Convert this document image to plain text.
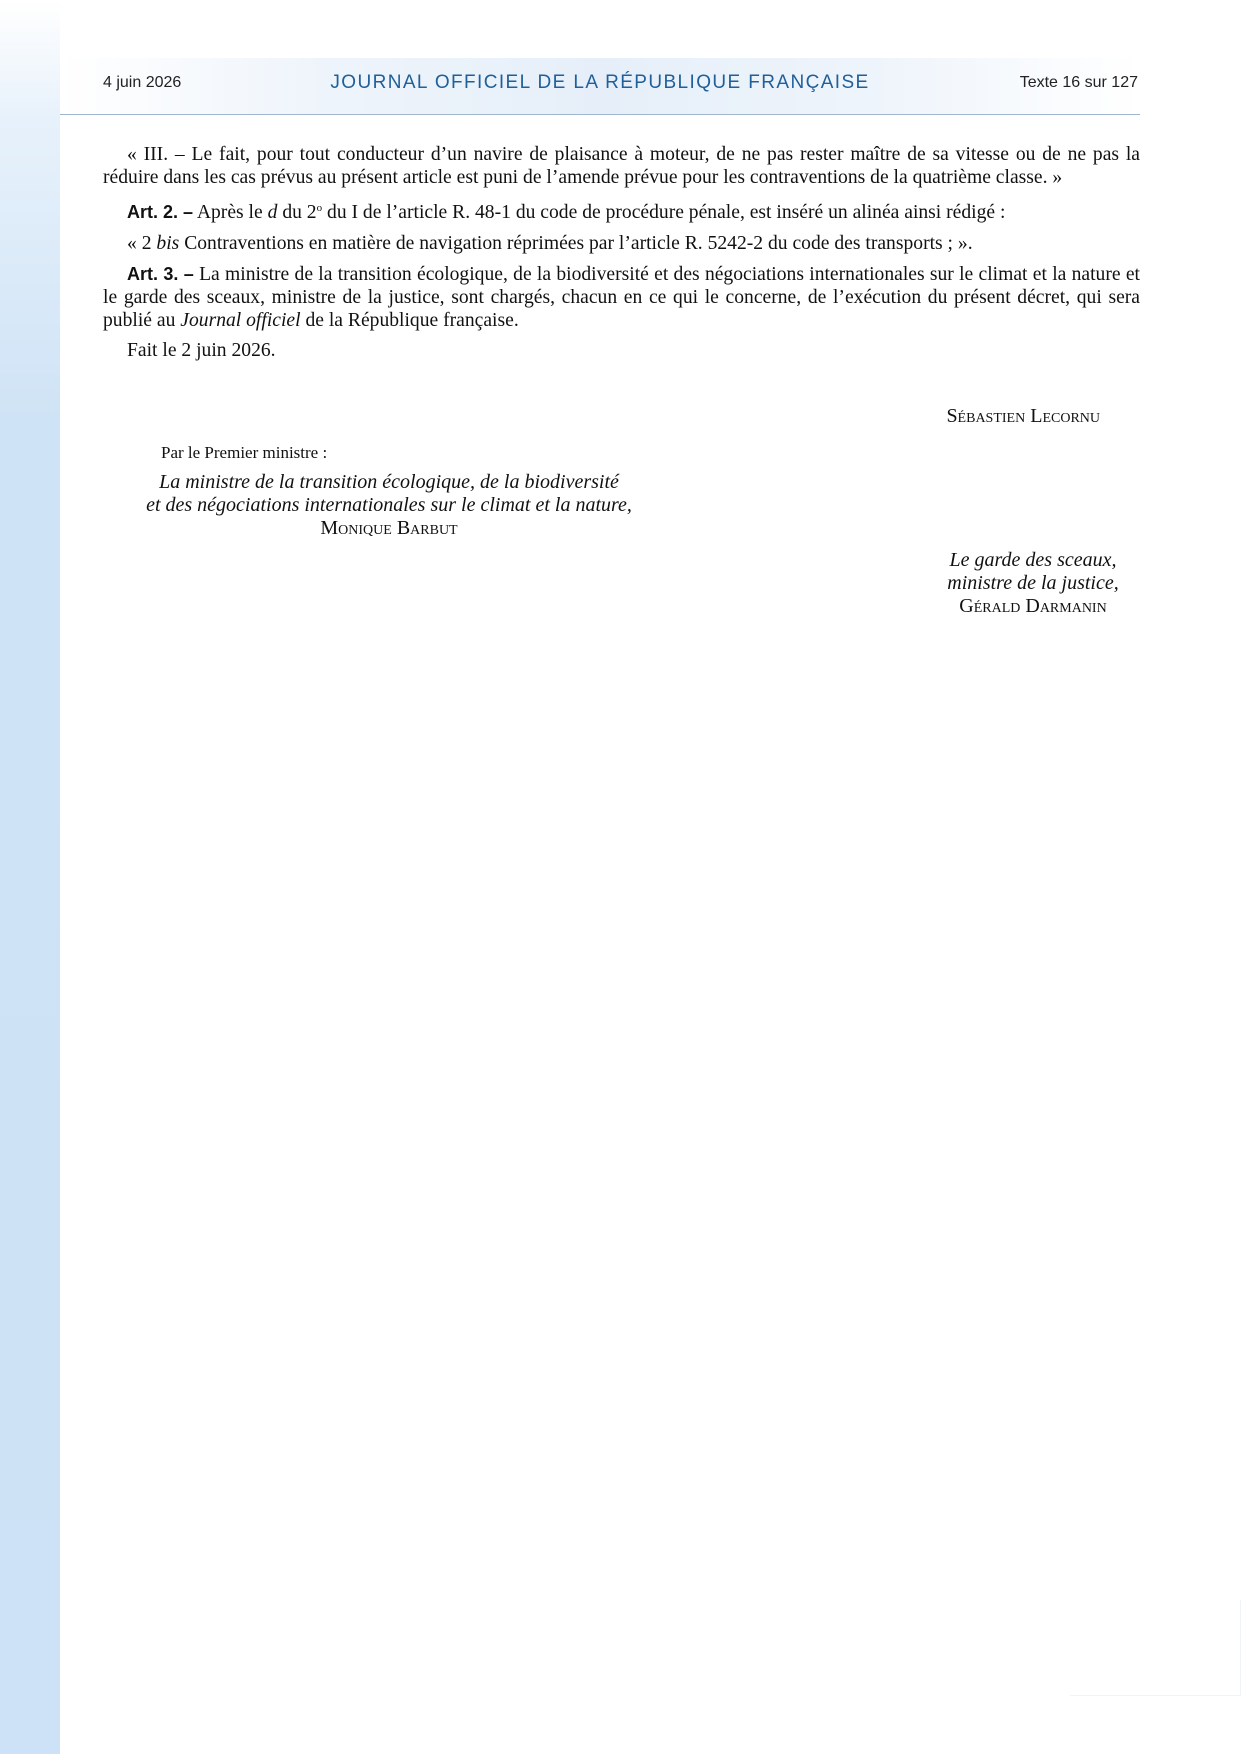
4 juin 2026	JOURNAL OFFICIEL DE LA RÉPUBLIQUE FRANÇAISE	Texte 16 sur 127

« III. – Le fait, pour tout conducteur d’un navire de plaisance à moteur, de ne pas rester maître de sa vitesse ou de ne pas la réduire dans les cas prévus au présent article est puni de l’amende prévue pour les contraventions de la quatrième classe. »

Art. 2. – Après le d du 2$^o$ du I de l’article R. 48-1 du code de procédure pénale, est inséré un alinéa ainsi rédigé :

« 2 bis Contraventions en matière de navigation réprimées par l’article R. 5242-2 du code des transports ; ».

Art. 3. – La ministre de la transition écologique, de la biodiversité et des négociations internationales sur le climat et la nature et le garde des sceaux, ministre de la justice, sont chargés, chacun en ce qui le concerne, de l’exécution du présent décret, qui sera publié au Journal officiel de la République française.

Fait le 2 juin 2026.

Sébastien Lecornu
Par le Premier ministre :
La ministre de la transition écologique, de la biodiversité
et des négociations internationales sur le climat et la nature,
Monique Barbut
Le garde des sceaux,
ministre de la justice,
Gérald Darmanin
